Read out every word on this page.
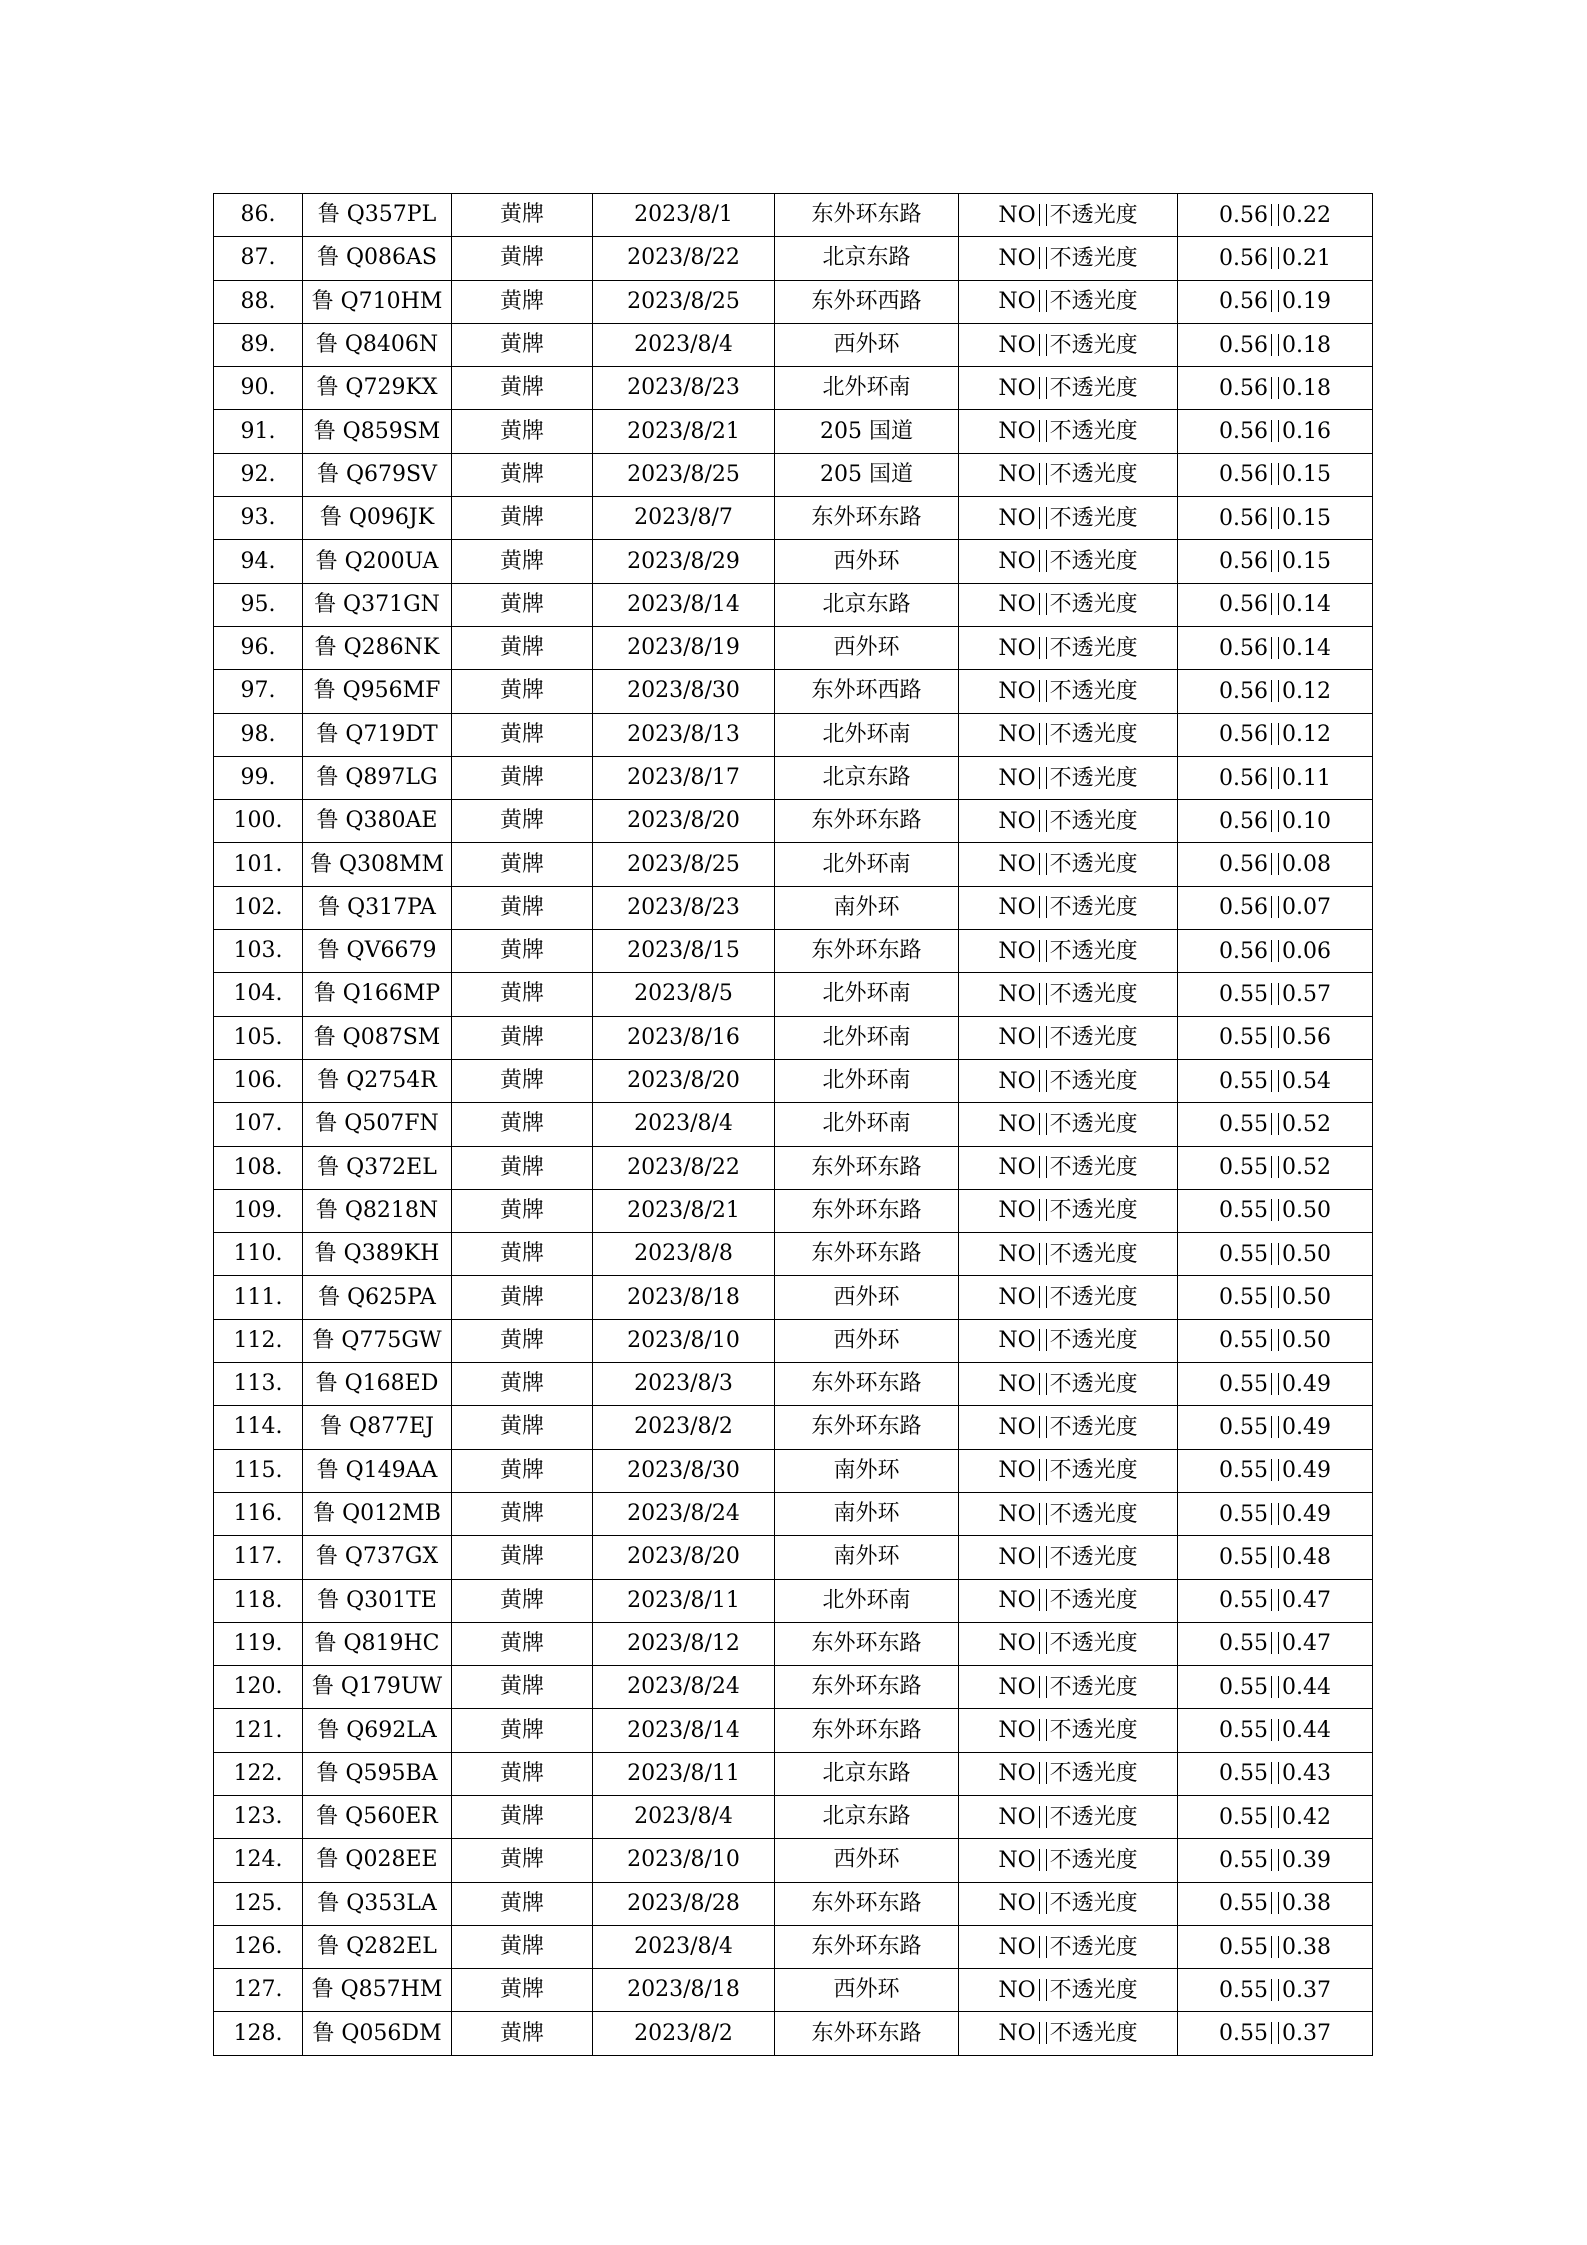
86.	鲁 Q357PL	黄牌	2023/8/1	东外环东路	NO 不透光度	0.56 0.22
87.	鲁 Q086AS	黄牌	2023/8/22	北京东路	NO 不透光度	0.56 0.21
88.	鲁 Q710HM	黄牌	2023/8/25	东外环西路	NO 不透光度	0.56 0.19
89.	鲁 Q8406N	黄牌	2023/8/4	西外环	NO 不透光度	0.56 0.18
90.	鲁 Q729KX	黄牌	2023/8/23	北外环南	NO 不透光度	0.56 0.18
91.	鲁 Q859SM	黄牌	2023/8/21	205 国道	NO 不透光度	0.56 0.16
92.	鲁 Q679SV	黄牌	2023/8/25	205 国道	NO 不透光度	0.56 0.15
93.	鲁 Q096JK	黄牌	2023/8/7	东外环东路	NO 不透光度	0.56 0.15
94.	鲁 Q200UA	黄牌	2023/8/29	西外环	NO 不透光度	0.56 0.15
95.	鲁 Q371GN	黄牌	2023/8/14	北京东路	NO 不透光度	0.56 0.14
96.	鲁 Q286NK	黄牌	2023/8/19	西外环	NO 不透光度	0.56 0.14
97.	鲁 Q956MF	黄牌	2023/8/30	东外环西路	NO 不透光度	0.56 0.12
98.	鲁 Q719DT	黄牌	2023/8/13	北外环南	NO 不透光度	0.56 0.12
99.	鲁 Q897LG	黄牌	2023/8/17	北京东路	NO 不透光度	0.56 0.11
100.	鲁 Q380AE	黄牌	2023/8/20	东外环东路	NO 不透光度	0.56 0.10
101.	鲁 Q308MM	黄牌	2023/8/25	北外环南	NO 不透光度	0.56 0.08
102.	鲁 Q317PA	黄牌	2023/8/23	南外环	NO 不透光度	0.56 0.07
103.	鲁 QV6679	黄牌	2023/8/15	东外环东路	NO 不透光度	0.56 0.06
104.	鲁 Q166MP	黄牌	2023/8/5	北外环南	NO 不透光度	0.55 0.57
105.	鲁 Q087SM	黄牌	2023/8/16	北外环南	NO 不透光度	0.55 0.56
106.	鲁 Q2754R	黄牌	2023/8/20	北外环南	NO 不透光度	0.55 0.54
107.	鲁 Q507FN	黄牌	2023/8/4	北外环南	NO 不透光度	0.55 0.52
108.	鲁 Q372EL	黄牌	2023/8/22	东外环东路	NO 不透光度	0.55 0.52
109.	鲁 Q8218N	黄牌	2023/8/21	东外环东路	NO 不透光度	0.55 0.50
110.	鲁 Q389KH	黄牌	2023/8/8	东外环东路	NO 不透光度	0.55 0.50
111.	鲁 Q625PA	黄牌	2023/8/18	西外环	NO 不透光度	0.55 0.50
112.	鲁 Q775GW	黄牌	2023/8/10	西外环	NO 不透光度	0.55 0.50
113.	鲁 Q168ED	黄牌	2023/8/3	东外环东路	NO 不透光度	0.55 0.49
114.	鲁 Q877EJ	黄牌	2023/8/2	东外环东路	NO 不透光度	0.55 0.49
115.	鲁 Q149AA	黄牌	2023/8/30	南外环	NO 不透光度	0.55 0.49
116.	鲁 Q012MB	黄牌	2023/8/24	南外环	NO 不透光度	0.55 0.49
117.	鲁 Q737GX	黄牌	2023/8/20	南外环	NO 不透光度	0.55 0.48
118.	鲁 Q301TE	黄牌	2023/8/11	北外环南	NO 不透光度	0.55 0.47
119.	鲁 Q819HC	黄牌	2023/8/12	东外环东路	NO 不透光度	0.55 0.47
120.	鲁 Q179UW	黄牌	2023/8/24	东外环东路	NO 不透光度	0.55 0.44
121.	鲁 Q692LA	黄牌	2023/8/14	东外环东路	NO 不透光度	0.55 0.44
122.	鲁 Q595BA	黄牌	2023/8/11	北京东路	NO 不透光度	0.55 0.43
123.	鲁 Q560ER	黄牌	2023/8/4	北京东路	NO 不透光度	0.55 0.42
124.	鲁 Q028EE	黄牌	2023/8/10	西外环	NO 不透光度	0.55 0.39
125.	鲁 Q353LA	黄牌	2023/8/28	东外环东路	NO 不透光度	0.55 0.38
126.	鲁 Q282EL	黄牌	2023/8/4	东外环东路	NO 不透光度	0.55 0.38
127.	鲁 Q857HM	黄牌	2023/8/18	西外环	NO 不透光度	0.55 0.37
128.	鲁 Q056DM	黄牌	2023/8/2	东外环东路	NO 不透光度	0.55 0.37
